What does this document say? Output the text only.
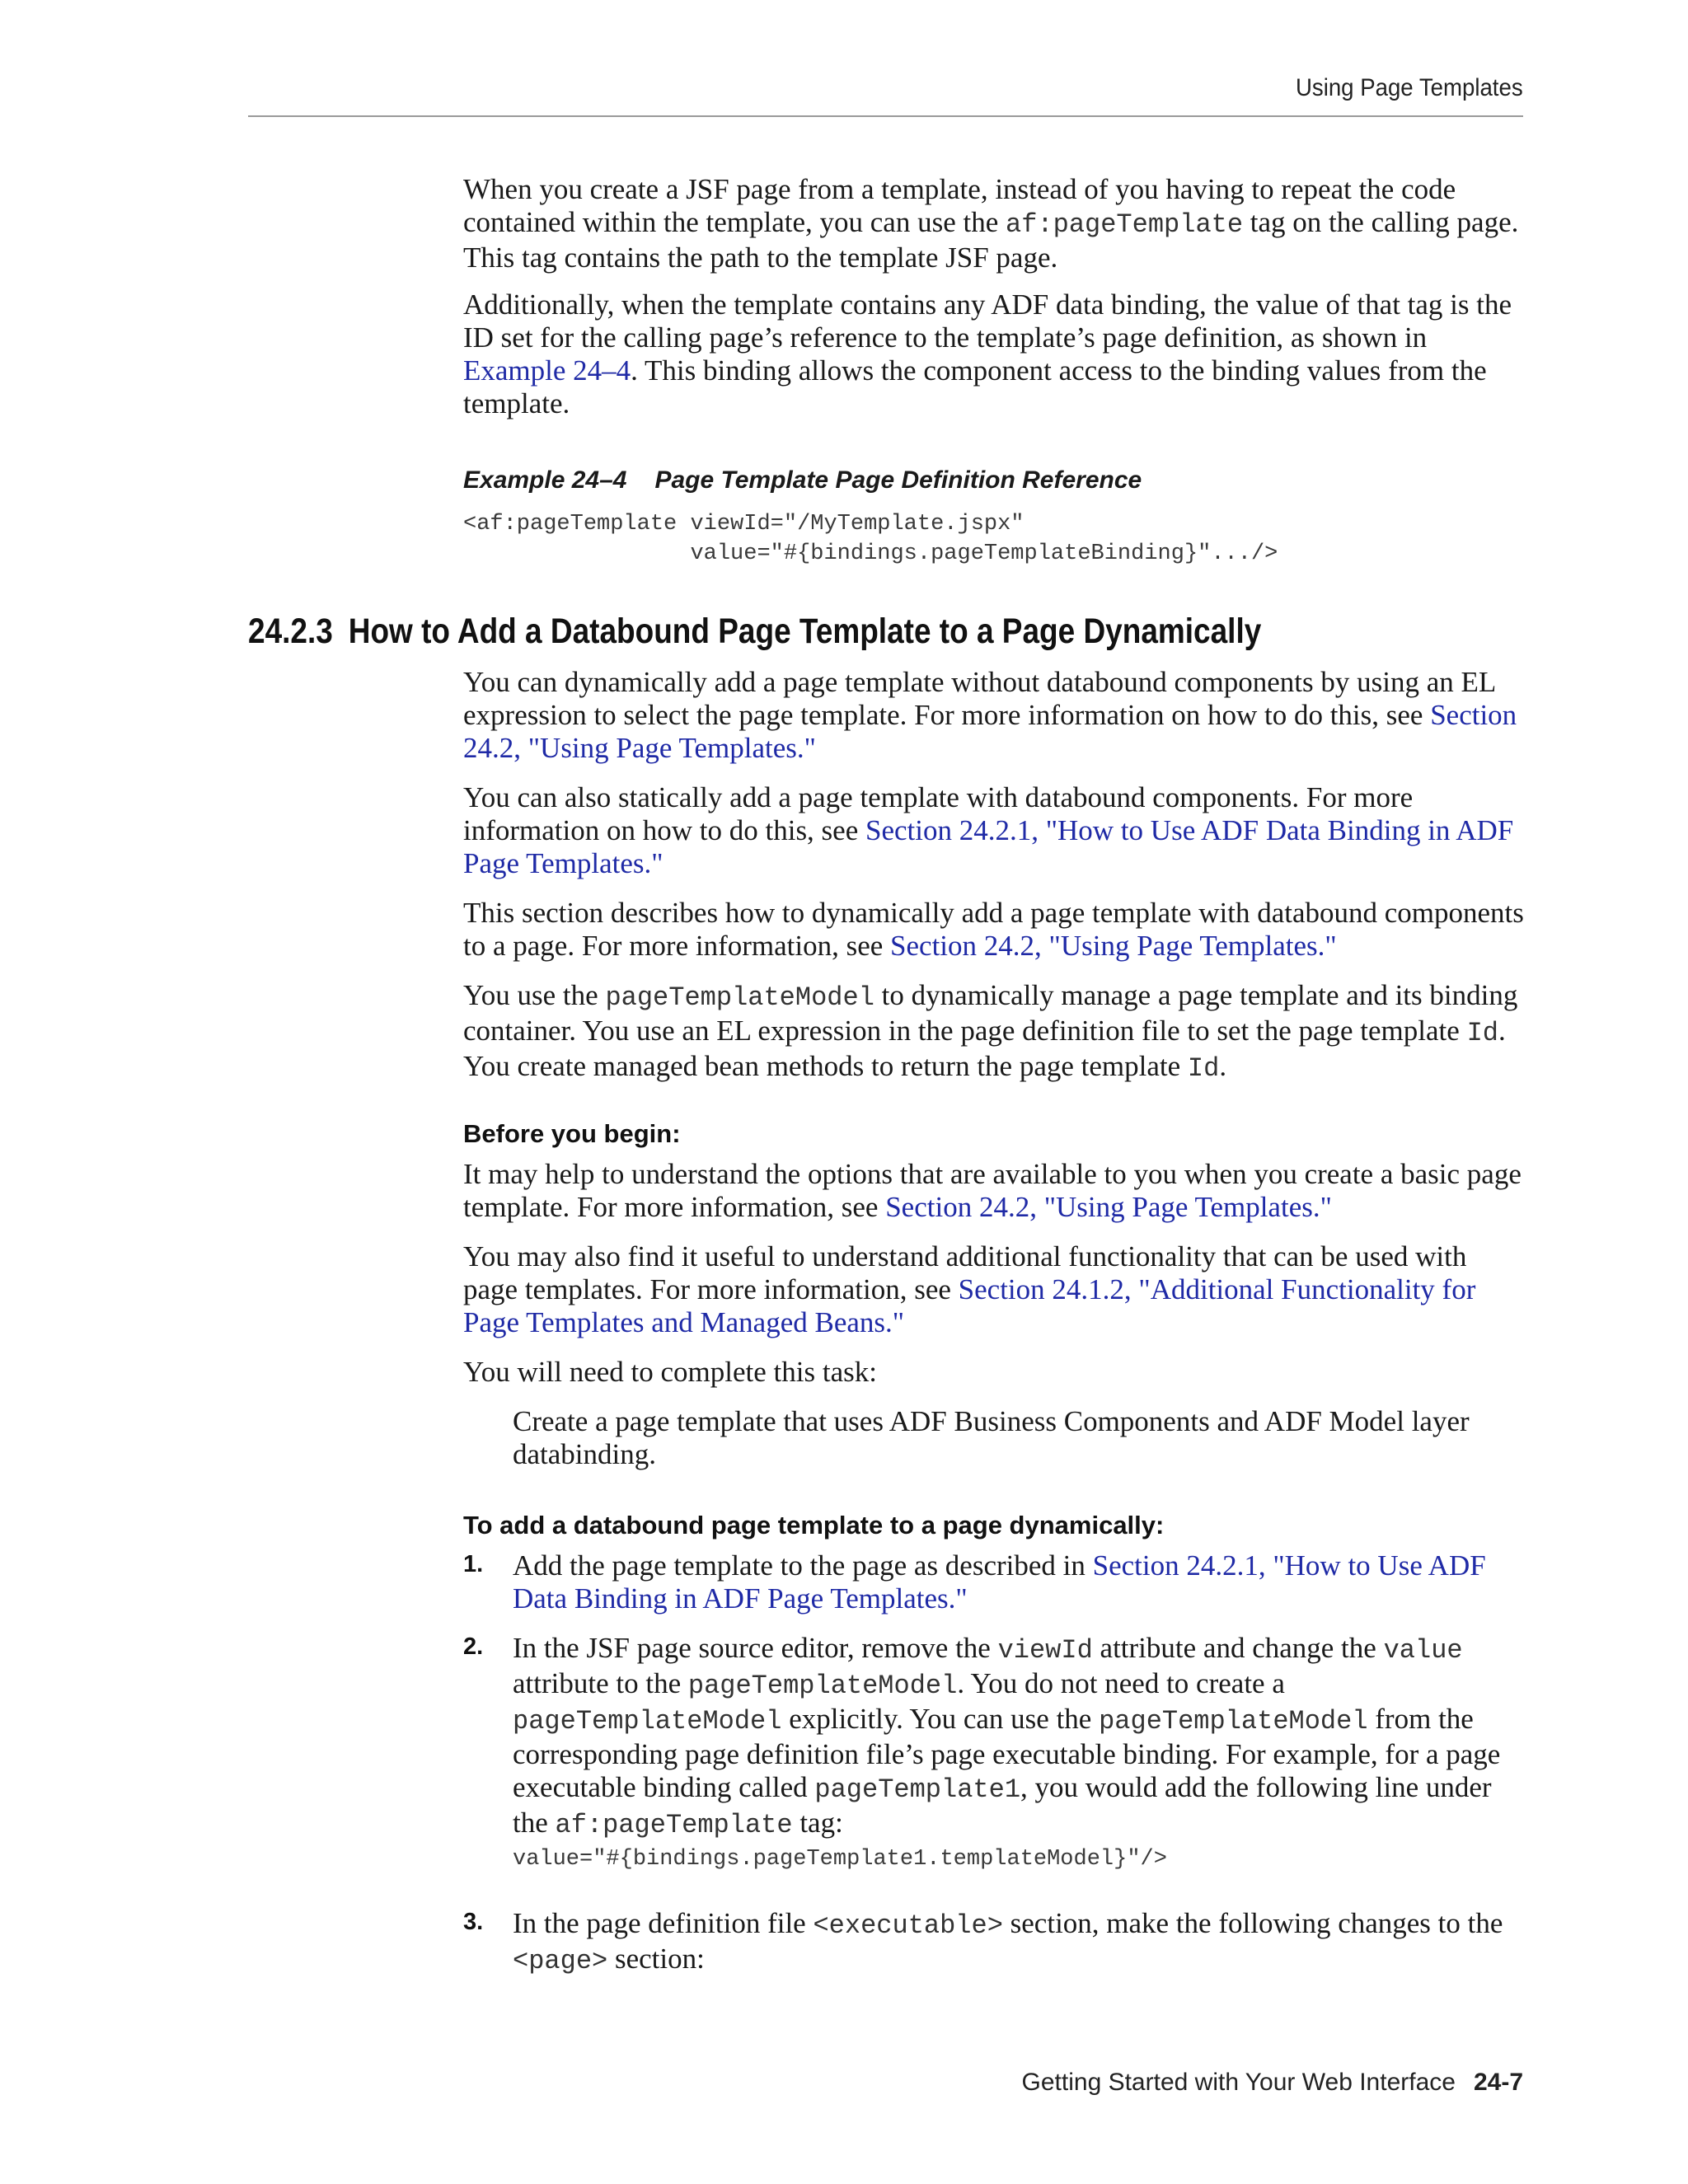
Using Page Templates

When you create a JSF page from a template, instead of you having to repeat the code contained within the template, you can use the af:pageTemplate tag on the calling page. This tag contains the path to the template JSF page.

Additionally, when the template contains any ADF data binding, the value of that tag is the ID set for the calling page’s reference to the template’s page definition, as shown in Example 24–4. This binding allows the component access to the binding values from the template.

Example 24–4 Page Template Page Definition Reference
<af:pageTemplate viewId="/MyTemplate.jspx"
value="#{bindings.pageTemplateBinding}".../>
24.2.3 How to Add a Databound Page Template to a Page Dynamically

You can dynamically add a page template without databound components by using an EL expression to select the page template. For more information on how to do this, see Section 24.2, "Using Page Templates."

You can also statically add a page template with databound components. For more information on how to do this, see Section 24.2.1, "How to Use ADF Data Binding in ADF Page Templates."

This section describes how to dynamically add a page template with databound components to a page. For more information, see Section 24.2, "Using Page Templates."

You use the pageTemplateModel to dynamically manage a page template and its binding container. You use an EL expression in the page definition file to set the page template Id. You create managed bean methods to return the page template Id.

Before you begin:

It may help to understand the options that are available to you when you create a basic page template. For more information, see Section 24.2, "Using Page Templates."

You may also find it useful to understand additional functionality that can be used with page templates. For more information, see Section 24.1.2, "Additional Functionality for Page Templates and Managed Beans."

You will need to complete this task:

Create a page template that uses ADF Business Components and ADF Model layer databinding.

To add a databound page template to a page dynamically:
1. Add the page template to the page as described in Section 24.2.1, "How to Use ADF Data Binding in ADF Page Templates."

2. In the JSF page source editor, remove the viewId attribute and change the value attribute to the pageTemplateModel. You do not need to create a pageTemplateModel explicitly. You can use the pageTemplateModel from the corresponding page definition file’s page executable binding. For example, for a page executable binding called pageTemplate1, you would add the following line under the af:pageTemplate tag:

value="#{bindings.pageTemplate1.templateModel}"/>
3. In the page definition file <executable> section, make the following changes to the <page> section:

Getting Started with Your Web Interface 24-7
